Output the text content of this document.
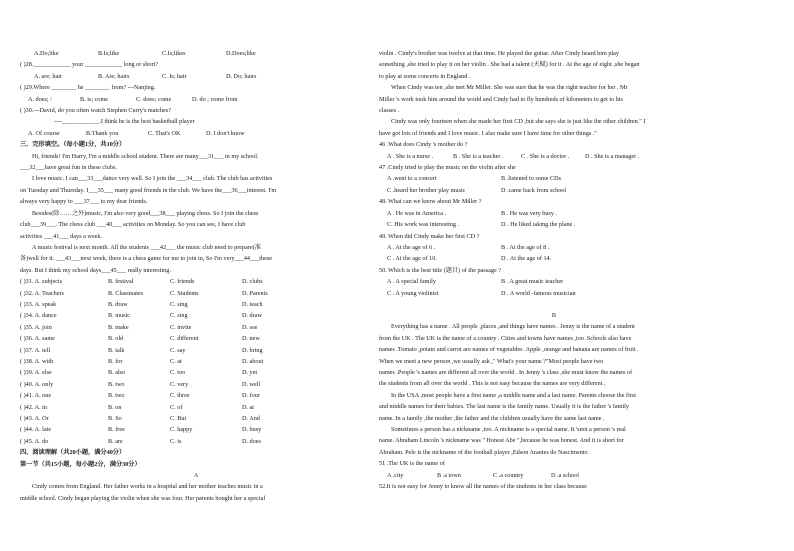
A.Do;like	B.Is;like	C.Is;likes	D.Does;like
( )28.____________ your ____________ long or short?
A. are; hair	B. Are; hairs	C. Is; hair	D. Do; hairs
( )29.Where ________ he ________ from? ---Nanjing.
A. does; /	B. is; come	C. does; come	D. do ; come from
( )30.---David, do you often watch Stephen Curry's matches?
----____________.I think he is the best basketball player
A. Of course	B.Thank you	C. That's OK	D. I don't know
三、完形填空。（每小题1分，共10分）
Hi, friends! I'm Harry, I'm a middle school student. There are many___31___ in my school.
___32___have great fun in these clubs.
I love music. I can___33___dance very well. So I join the ___34___ club. The club has activities
on Tuesday and Thursday. I___35___ many good friends in the club. We have the___36___interest. I'm
always very happy to ___37___ to my dear friends.
Besides(除……之外)music, I'm also very good___38___ playing chess. So I join the chess
club___39___. The chess club ___40___ activities on Monday. So you can see, I have club
activities ___41___ days a week.
A music festival is next month. All the students ___42___ the music club need to prepare(准
备)well for it. ___43___next week, there is a chess game for me to join in, So I'm very___44___these
days. But I think my school days___45___ really interesting.
( )31. A. subjects	B. festival	C. friends	D. clubs
( )32. A. Teachers	B. Classmates	C. Students	D. Parents
( )33. A. speak	B. draw	C. sing	D. teach
( )34. A. dance	B. music	C. sing	D. draw
( )35. A. join	B. make	C. invite	D. see
( )36. A. same	B. old	C. different	D. new
( )37. A. tell	B. talk	C. say	D. bring
( )38. A. with	B. for	C. at	D. about
( )39. A. else	B. also	C. too	D. yet
( )40. A. only	B. two	C. very	D. well
( )41. A. one	B. two	C. three	D. four
( )42. A. in	B. on	C. of	D. at
( )43. A. Or	B. So	C. But	D. And
( )44. A. late	B. free	C. happy	D. busy
( )45. A. do	B. are	C. is	D. does
四、阅读理解（共20小题，满分40分）
第一节（共15小题，每小题2分，满分30分）
A
Cindy comes from England. Her father works in a hospital and her mother teaches music in a
middle school. Cindy began playing the violin when she was four. Her parents bought her a special
violin . Cindy's brother was twelve at that time. He played the guitar. After Cindy heard him play
something ,she tried to play it on her violin . She had a talent (天赋) for it . At the age of eight ,she began
to play at some concerts in England .
When Cindy was ten ,she met Mr Miller. She was sure that he was the right teacher for her . Mr
Miller 's work took him around the world and Cindy had to fly hundreds of kilometers to get to his
classes .
Cindy was only fourteen when she made her first CD ,but she says she is just like the other children." I
have got lots of friends and I love music. I also make sure I have time for other things ."
46 .What does Cindy 's mother do ?
A . She is a nurse .	B . She is a teacher .	C . She is a doctor .	D . She is a manager .
47 .Cindy tried to play the music on the violin after she
A .went to a concert	B .listened to some CDs
C .heard her brother play music	D .came back from school
48. What can we know about Mr Miller ?
A . He was in America .	B . He was very busy .
C. His work was interesting .	D . He liked taking the plane .
49. When did Cindy make her first CD ?
A . At the age of 6 .	B . At the age of 8 .
C . At the age of 10.	D . At the age of 14.
50. Which is the best title (题目) of the passage ?
A . A special family	B . A great music teacher
C . A young violinist	D . A world -famous musician
B
Everything has a name . All people ,places ,and things have names . Jenny is the name of a student
from the UK . The UK is the name of a country . Cities and towns have names ,too .Schools also have
names .Tomato ,potato and carrot are names of vegetables .Apple ,orange and banana are names of fruit .
When we meet a new person ,we usually ask ," What's your name ?"Most people have two
names .People 's names are different all over the world . In Jenny 's class ,she must know the names of
the students from all over the world . This is not easy because the names are very different .
In the USA ,most people have a first name ,a middle name and a last name. Parents choose the first
and middle names for their babies. The last name is the family name. Usually it is the father 's family
name. In a family ,the mother ,the father and the children usually have the same last name .
Sometimes a person has a nickname ,too. A nickname is a special name. It 'snot a person 's real
name. Abraham Lincoln 's nickname was " Honest Abe ",because he was honest. And it is short for
Abraham. Pele is the nickname of the football player ,Edson Arantes do Nascimento .
51 .The UK is the name of
A .city	B .a town	C .a country	D .a school
52.It is not easy for Jenny to know all the names of the students in her class because
